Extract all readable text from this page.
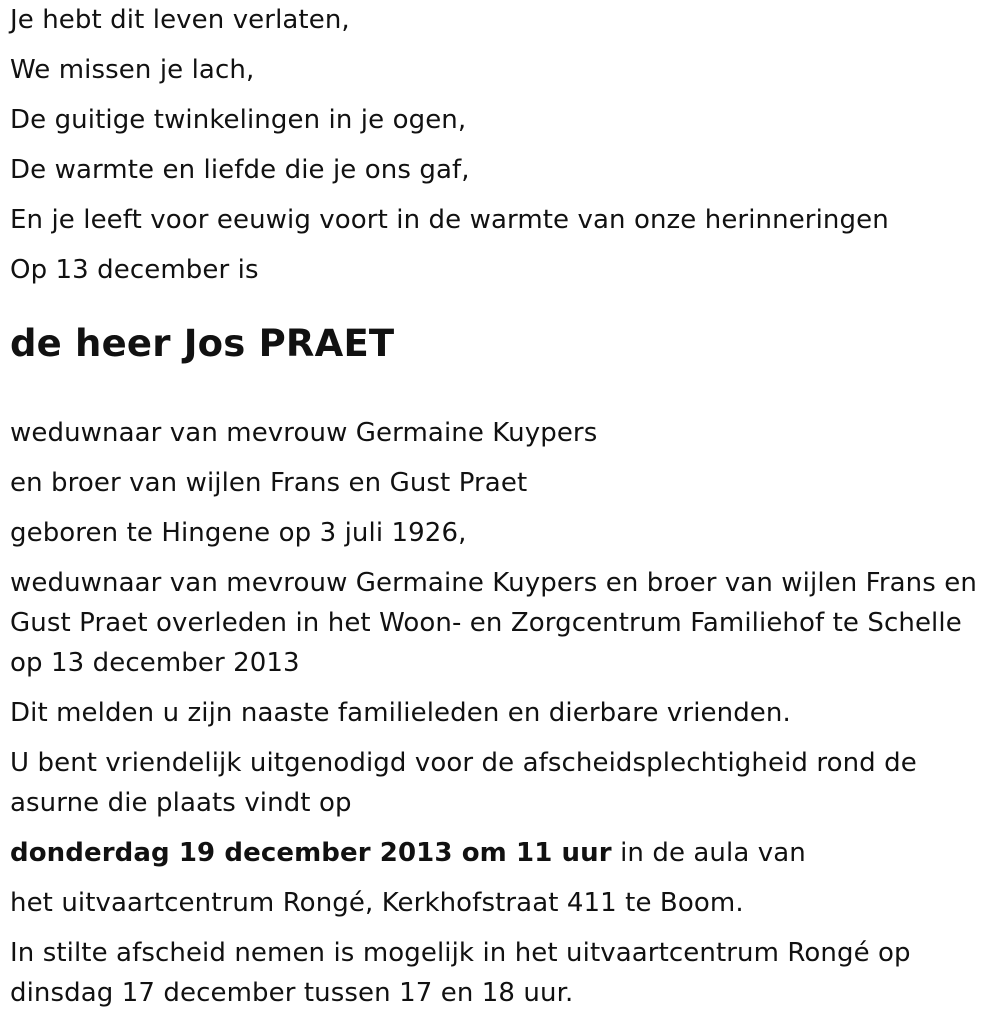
Je hebt dit leven verlaten,

We missen je lach,

De guitige twinkelingen in je ogen,

De warmte en liefde die je ons gaf,

En je leeft voor eeuwig voort in de warmte van onze herinneringen

Op 13 december is

de heer Jos PRAET

weduwnaar van mevrouw Germaine Kuypers

en broer van wijlen Frans en Gust Praet

geboren te Hingene op 3 juli 1926,

weduwnaar van mevrouw Germaine Kuypers en broer van wijlen Frans en Gust Praet overleden in het Woon- en Zorgcentrum Familiehof te Schelle op 13 december 2013

Dit melden u zijn naaste familieleden en dierbare vrienden.

U bent vriendelijk uitgenodigd voor de afscheidsplechtigheid rond de asurne die plaats vindt op

donderdag 19 december 2013 om 11 uur in de aula van

het uitvaartcentrum Rongé, Kerkhofstraat 411 te Boom.

In stilte afscheid nemen is mogelijk in het uitvaartcentrum Rongé op dinsdag 17 december tussen 17 en 18 uur.
